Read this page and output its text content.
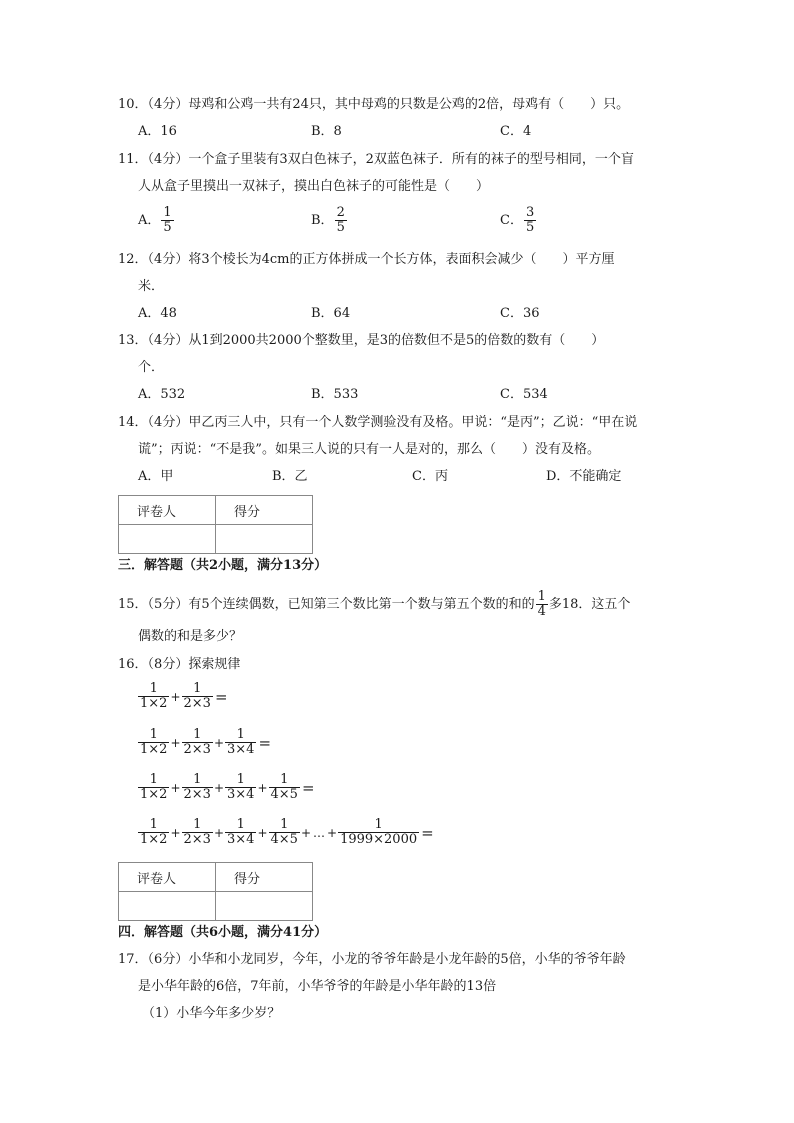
10．（4分）母鸡和公鸡一共有24只，其中母鸡的只数是公鸡的2倍，母鸡有（　　）只。
A．16	B．8	C．4
11．（4分）一个盒子里装有3双白色袜子，2双蓝色袜子．所有的袜子的型号相同，一个盲
人从盒子里摸出一双袜子，摸出白色袜子的可能性是（　　）
A． $\frac{1}{5}$	B． $\frac{2}{5}$	C． $\frac{3}{5}$
12．（4分）将3个棱长为4cm的正方体拼成一个长方体，表面积会减少（　　）平方厘
米．
A．48	B．64	C．36
13．（4分）从1到2000共2000个整数里，是3的倍数但不是5的倍数的数有（　　）
个．
A．532	B．533	C．534
14．（4分）甲乙丙三人中，只有一个人数学测验没有及格。甲说：“是丙”；乙说：“甲在说
谎”；丙说：“不是我”。如果三人说的只有一人是对的，那么（　　）没有及格。
A．甲	B．乙	C．丙	D．不能确定
评卷人	得分

三．解答题（共2小题，满分13分）
15．（5分）有5个连续偶数，已知第三个数比第一个数与第五个数的和的 $\frac{1}{4}$ 多18．这五个
偶数的和是多少？
16．（8分）探索规律
$\frac{1}{1\times 2} + \frac{1}{2\times 3}$ =
$\frac{1}{1\times 2} + \frac{1}{2\times 3} + \frac{1}{3\times 4}$ =
$\frac{1}{1\times 2} + \frac{1}{2\times 3} + \frac{1}{3\times 4} + \frac{1}{4\times 5}$ =
$\frac{1}{1\times 2} + \frac{1}{2\times 3} + \frac{1}{3\times 4} + \frac{1}{4\times 5}$ + … + $\frac{1}{1999\times 2000}$ =
评卷人	得分

四．解答题（共6小题，满分41分）
17．（6分）小华和小龙同岁，今年，小龙的爷爷年龄是小龙年龄的5倍，小华的爷爷年龄
是小华年龄的6倍，7年前，小华爷爷的年龄是小华年龄的13倍
（1）小华今年多少岁？
